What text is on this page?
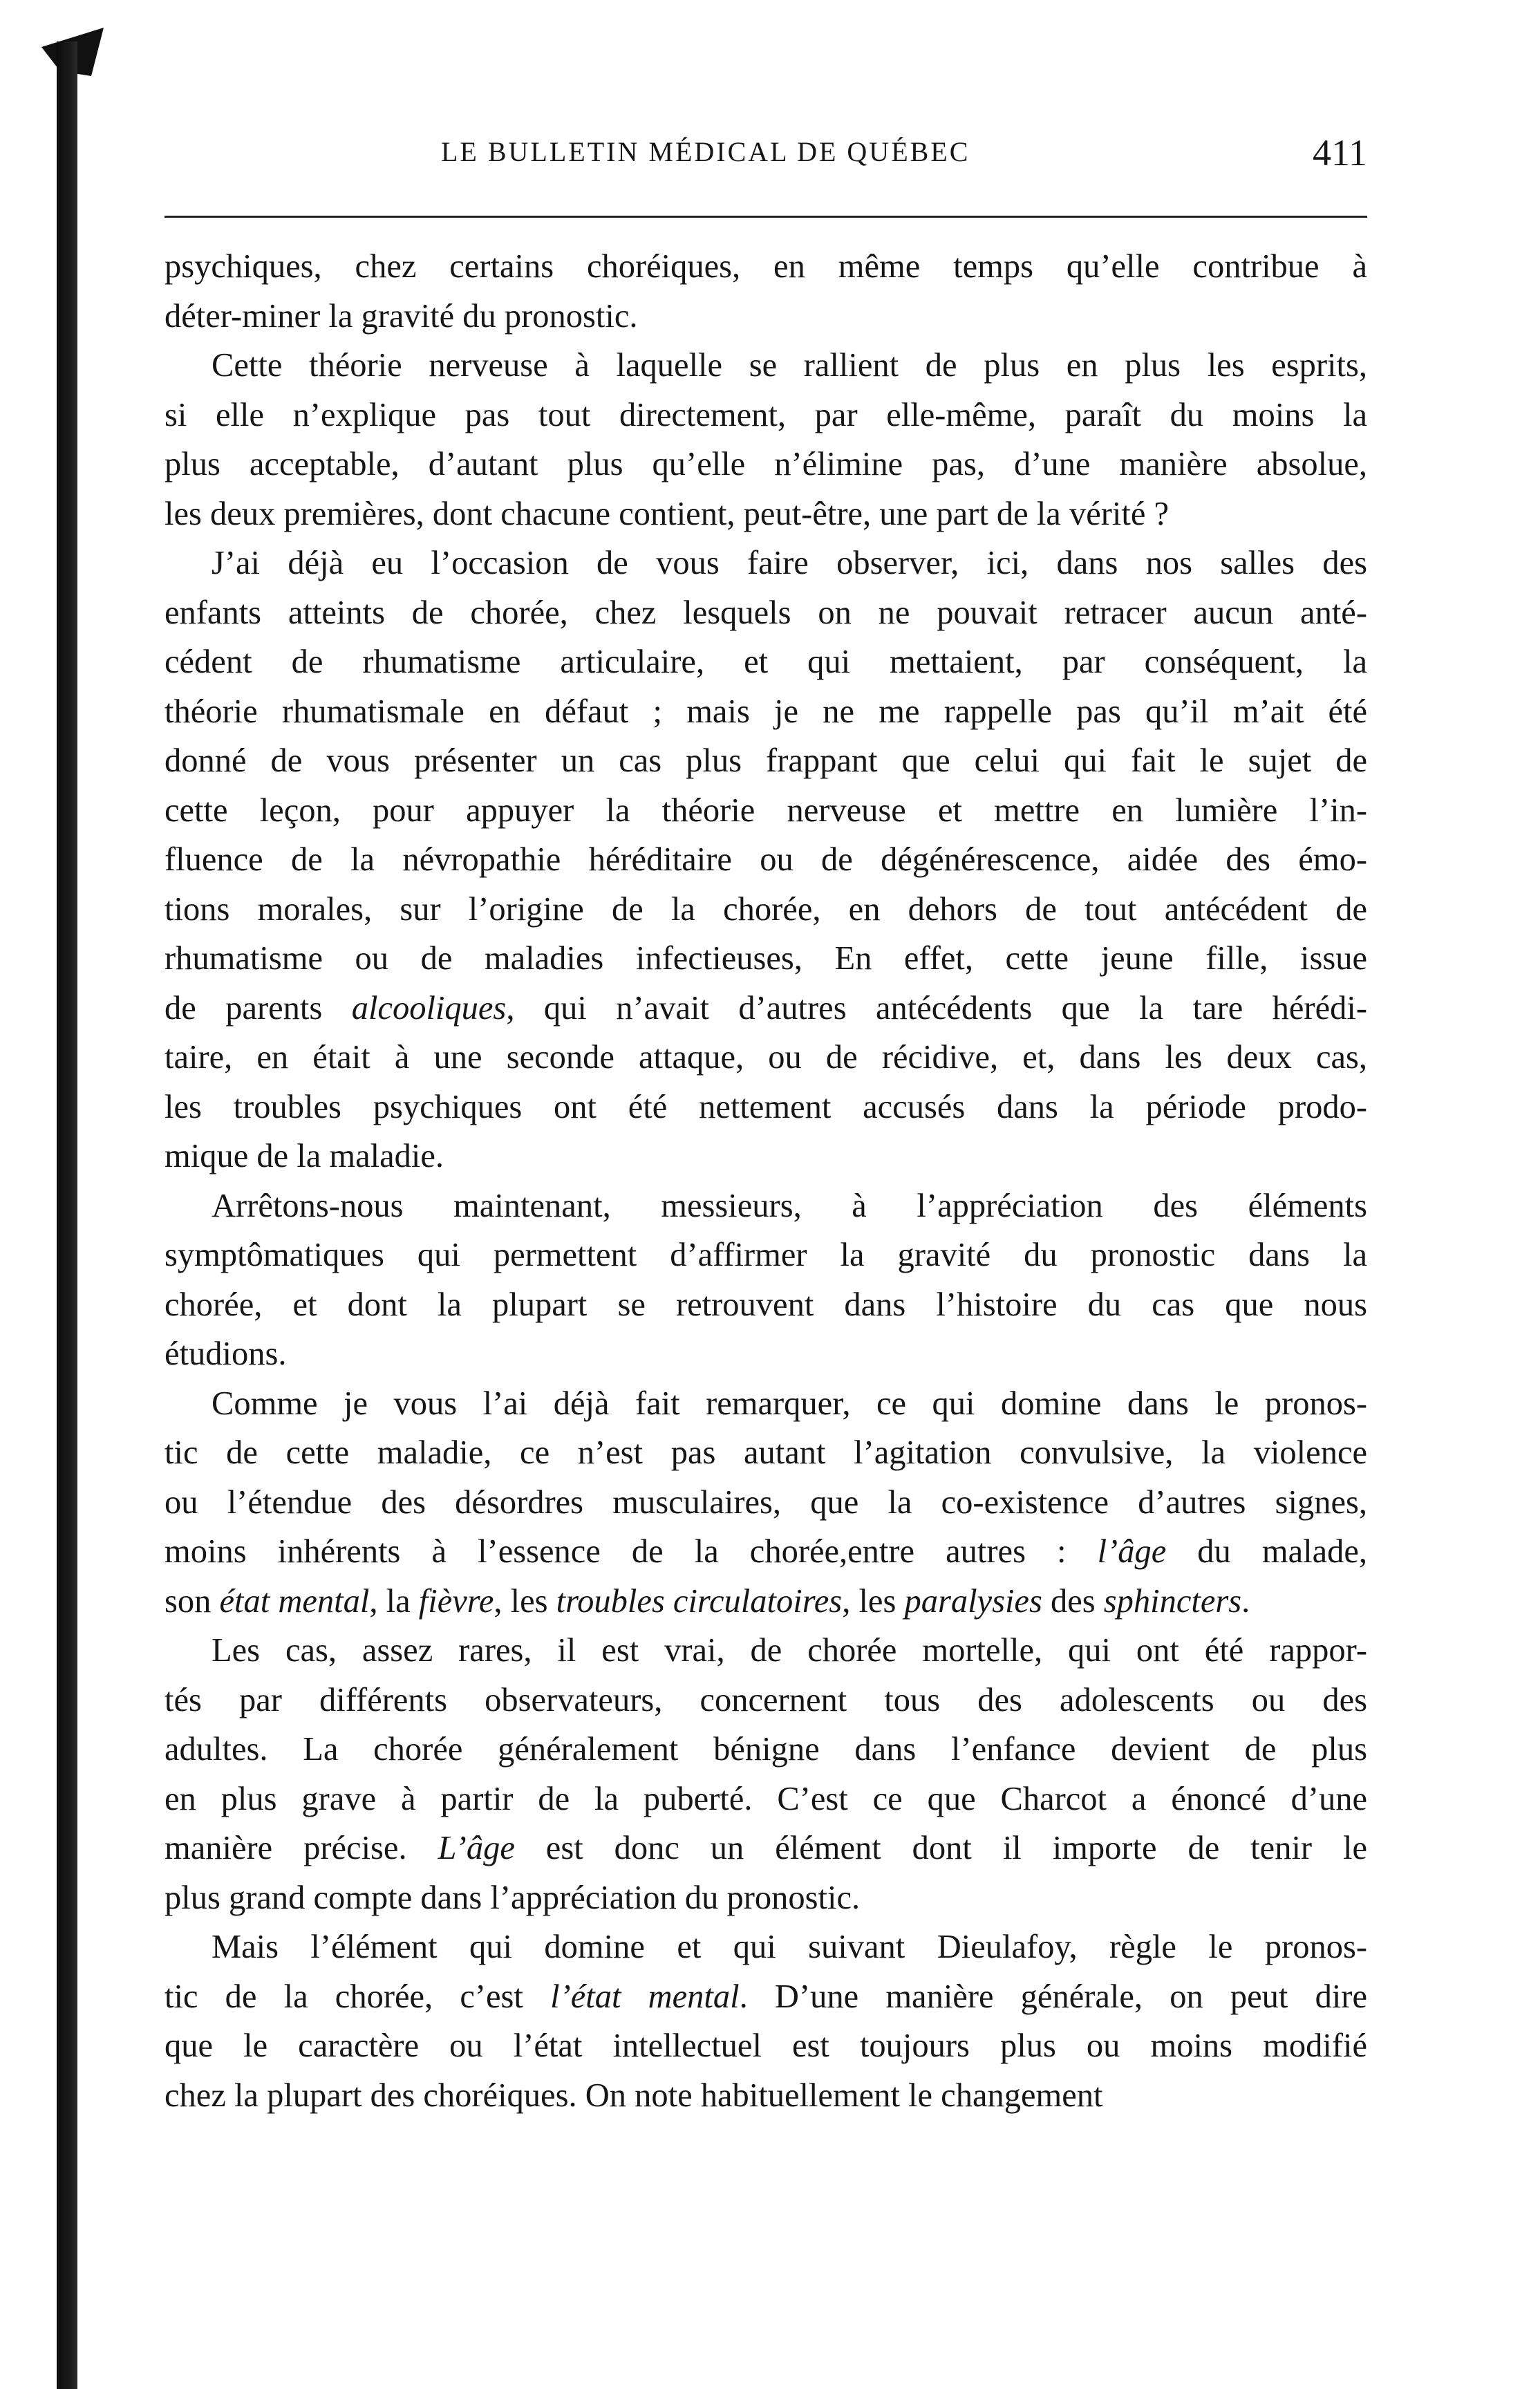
LE BULLETIN MÉDICAL DE QUÉBEC	411
psychiques, chez certains choréiques, en même temps qu’elle contribue à
déter-miner la gravité du pronostic.
Cette théorie nerveuse à laquelle se rallient de plus en plus les esprits,
si elle n’explique pas tout directement, par elle-même, paraît du moins la
plus acceptable, d’autant plus qu’elle n’élimine pas, d’une manière absolue,
les deux premières, dont chacune contient, peut-être, une part de la vérité ?
J’ai déjà eu l’occasion de vous faire observer, ici, dans nos salles des
enfants atteints de chorée, chez lesquels on ne pouvait retracer aucun anté-
cédent de rhumatisme articulaire, et qui mettaient, par conséquent, la
théorie rhumatismale en défaut ; mais je ne me rappelle pas qu’il m’ait été
donné de vous présenter un cas plus frappant que celui qui fait le sujet de
cette leçon, pour appuyer la théorie nerveuse et mettre en lumière l’in-
fluence de la névropathie héréditaire ou de dégénérescence, aidée des émo-
tions morales, sur l’origine de la chorée, en dehors de tout antécédent de
rhumatisme ou de maladies infectieuses, En effet, cette jeune fille, issue
de parents alcooliques, qui n’avait d’autres antécédents que la tare hérédi-
taire, en était à une seconde attaque, ou de récidive, et, dans les deux cas,
les troubles psychiques ont été nettement accusés dans la période prodo-
mique de la maladie.
Arrêtons-nous maintenant, messieurs, à l’appréciation des éléments
symptômatiques qui permettent d’affirmer la gravité du pronostic dans la
chorée, et dont la plupart se retrouvent dans l’histoire du cas que nous
étudions.
Comme je vous l’ai déjà fait remarquer, ce qui domine dans le pronos-
tic de cette maladie, ce n’est pas autant l’agitation convulsive, la violence
ou l’étendue des désordres musculaires, que la co-existence d’autres signes,
moins inhérents à l’essence de la chorée,entre autres : l’âge du malade,
son état mental, la fièvre, les troubles circulatoires, les paralysies des sphincters.
Les cas, assez rares, il est vrai, de chorée mortelle, qui ont été rappor-
tés par différents observateurs, concernent tous des adolescents ou des
adultes. La chorée généralement bénigne dans l’enfance devient de plus
en plus grave à partir de la puberté. C’est ce que Charcot a énoncé d’une
manière précise. L’âge est donc un élément dont il importe de tenir le
plus grand compte dans l’appréciation du pronostic.
Mais l’élément qui domine et qui suivant Dieulafoy, règle le pronos-
tic de la chorée, c’est l’état mental. D’une manière générale, on peut dire
que le caractère ou l’état intellectuel est toujours plus ou moins modifié
chez la plupart des choréiques. On note habituellement le changement
